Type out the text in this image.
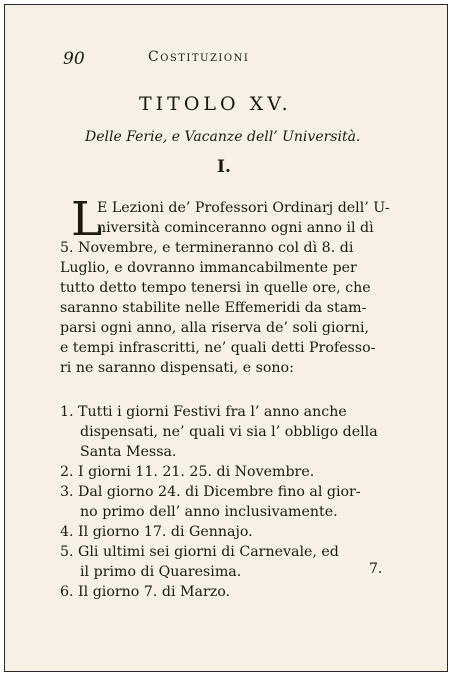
90	Costituzioni
TITOLO XV.
Delle Ferie, e Vacanze dell’ Università.
I.
L
E Lezioni de’ Professori Ordinarj dell’ U-
niversità cominceranno ogni anno il dì
5. Novembre, e termineranno col dì 8. di
Luglio, e dovranno immancabilmente per
tutto detto tempo tenersi in quelle ore, che
saranno stabilite nelle Effemeridi da stam-
parsi ogni anno, alla riserva de’ soli giorni,
e tempi infrascritti, ne’ quali detti Professo-
ri ne saranno dispensati, e sono:
1. Tutti i giorni Festivi fra l’ anno anche
dispensati, ne’ quali vi sia l’ obbligo della
Santa Messa.
2. I giorni 11. 21. 25. di Novembre.
3. Dal giorno 24. di Dicembre fino al gior-
no primo dell’ anno inclusivamente.
4. Il giorno 17. di Gennajo.
5. Gli ultimi sei giorni di Carnevale, ed
il primo di Quaresima.
6. Il giorno 7. di Marzo.
7.
